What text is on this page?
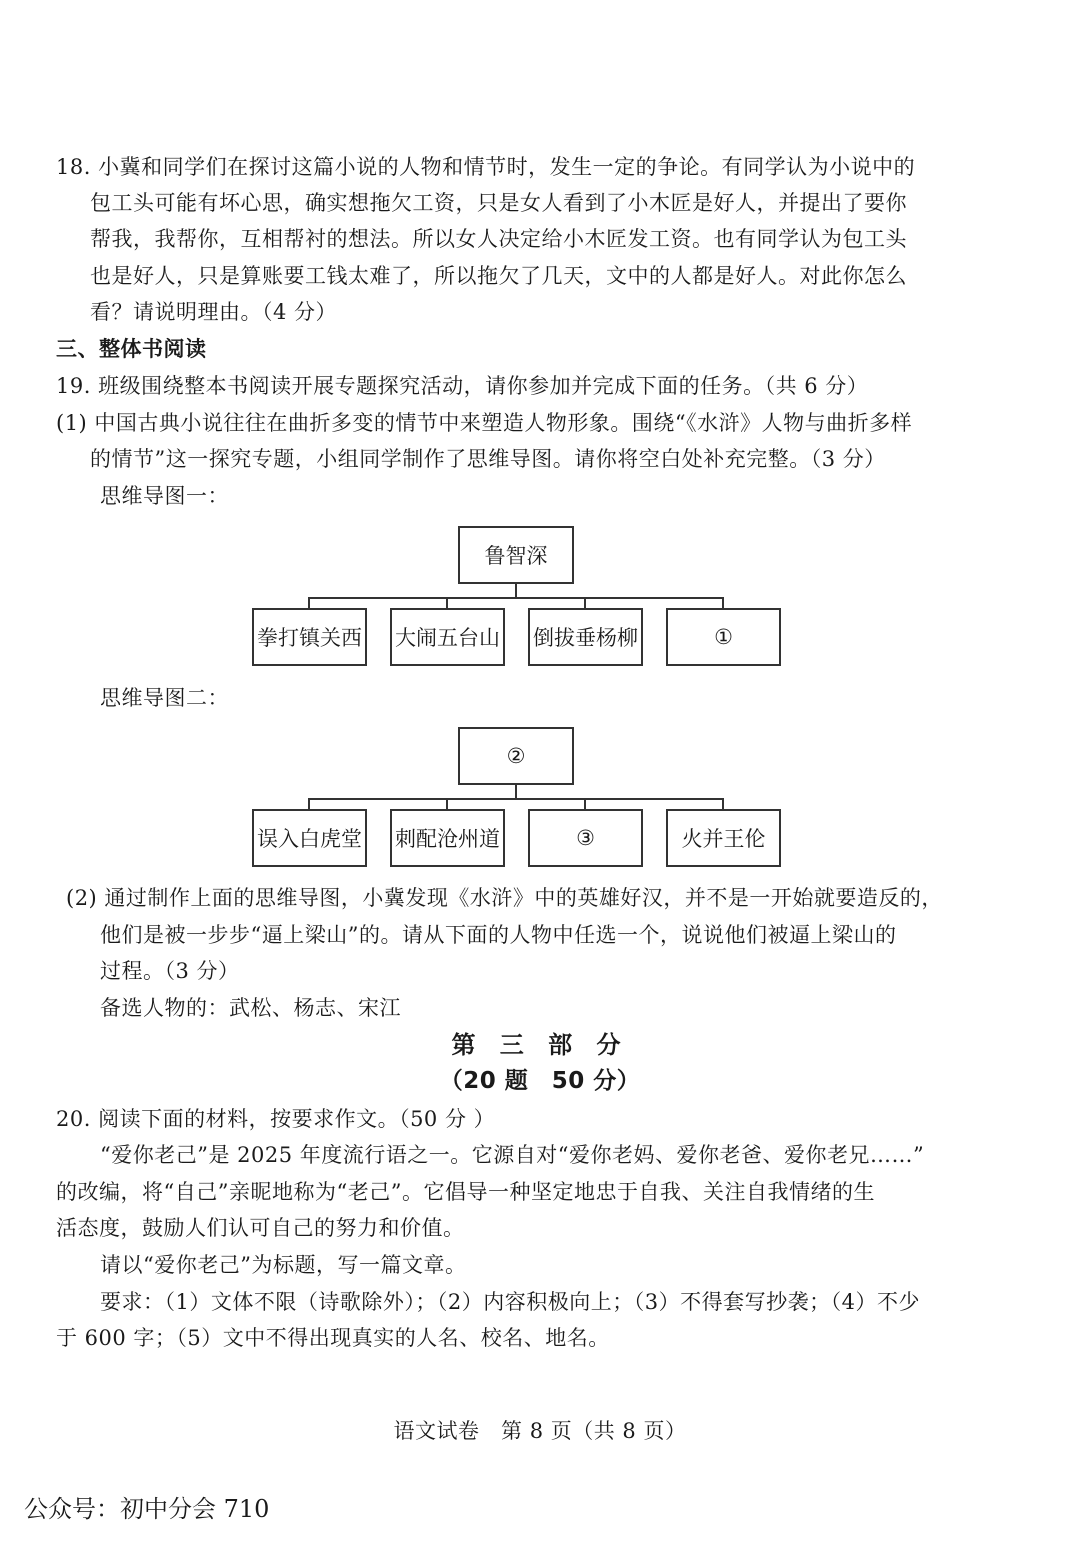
18. 小冀和同学们在探讨这篇小说的人物和情节时，发生一定的争论。有同学认为小说中的
包工头可能有坏心思，确实想拖欠工资，只是女人看到了小木匠是好人，并提出了要你
帮我，我帮你，互相帮衬的想法。所以女人决定给小木匠发工资。也有同学认为包工头
也是好人，只是算账要工钱太难了，所以拖欠了几天，文中的人都是好人。对此你怎么
看？请说明理由。（4 分）
三、整体书阅读
19. 班级围绕整本书阅读开展专题探究活动，请你参加并完成下面的任务。（共 6 分）
(1) 中国古典小说往往在曲折多变的情节中来塑造人物形象。围绕“《水浒》人物与曲折多样
的情节”这一探究专题，小组同学制作了思维导图。请你将空白处补充完整。（3 分）
思维导图一：
鲁智深
拳打镇关西 大闹五台山 倒拔垂杨柳	①
思维导图二：
②
误入白虎堂 刺配沧州道	③	火并王伦
(2) 通过制作上面的思维导图，小冀发现《水浒》中的英雄好汉，并不是一开始就要造反的，
他们是被一步步“逼上梁山”的。请从下面的人物中任选一个，说说他们被逼上梁山的
过程。（3 分）
备选人物的：武松、杨志、宋江
第 三 部 分
（20 题　50 分）
20. 阅读下面的材料，按要求作文。（50 分 ）
“爱你老己”是 2025 年度流行语之一。它源自对“爱你老妈、爱你老爸、爱你老兄……”
的改编，将“自己”亲昵地称为“老己”。它倡导一种坚定地忠于自我、关注自我情绪的生
活态度，鼓励人们认可自己的努力和价值。
请以“爱你老己”为标题，写一篇文章。
要求：（1）文体不限（诗歌除外）；（2）内容积极向上；（3）不得套写抄袭；（4）不少
于 600 字；（5）文中不得出现真实的人名、校名、地名。
语文试卷　第 8 页（共 8 页）
公众号：初中分会 710
